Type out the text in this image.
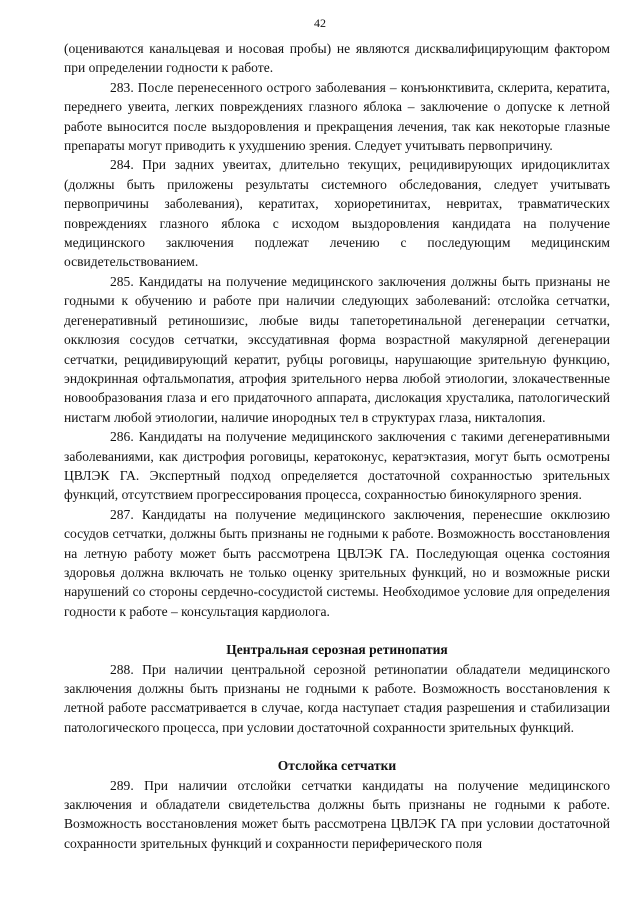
42

(оцениваются канальцевая и носовая пробы) не являются дисквалифицирующим фактором при определении годности к работе.

283. После перенесенного острого заболевания – конъюнктивита, склерита, кератита, переднего увеита, легких повреждениях глазного яблока – заключение о допуске к летной работе выносится после выздоровления и прекращения лечения, так как некоторые глазные препараты могут приводить к ухудшению зрения. Следует учитывать первопричину.

284. При задних увеитах, длительно текущих, рецидивирующих иридоциклитах (должны быть приложены результаты системного обследования, следует учитывать первопричины заболевания), кератитах, хориоретинитах, невритах, травматических повреждениях глазного яблока с исходом выздоровления кандидата на получение медицинского заключения подлежат лечению с последующим медицинским освидетельствованием.

285. Кандидаты на получение медицинского заключения должны быть признаны не годными к обучению и работе при наличии следующих заболеваний: отслойка сетчатки, дегенеративный ретиношизис, любые виды тапеторетинальной дегенерации сетчатки, окклюзия сосудов сетчатки, экссудативная форма возрастной макулярной дегенерации сетчатки, рецидивирующий кератит, рубцы роговицы, нарушающие зрительную функцию, эндокринная офтальмопатия, атрофия зрительного нерва любой этиологии, злокачественные новообразования глаза и его придаточного аппарата, дислокация хрусталика, патологический нистагм любой этиологии, наличие инородных тел в структурах глаза, никталопия.

286. Кандидаты на получение медицинского заключения с такими дегенеративными заболеваниями, как дистрофия роговицы, кератоконус, кератэктазия, могут быть осмотрены ЦВЛЭК ГА. Экспертный подход определяется достаточной сохранностью зрительных функций, отсутствием прогрессирования процесса, сохранностью бинокулярного зрения.

287. Кандидаты на получение медицинского заключения, перенесшие окклюзию сосудов сетчатки, должны быть признаны не годными к работе. Возможность восстановления на летную работу может быть рассмотрена ЦВЛЭК ГА. Последующая оценка состояния здоровья должна включать не только оценку зрительных функций, но и возможные риски нарушений со стороны сердечно-сосудистой системы. Необходимое условие для определения годности к работе – консультация кардиолога.

Центральная серозная ретинопатия

288. При наличии центральной серозной ретинопатии обладатели медицинского заключения должны быть признаны не годными к работе. Возможность восстановления к летной работе рассматривается в случае, когда наступает стадия разрешения и стабилизации патологического процесса, при условии достаточной сохранности зрительных функций.

Отслойка сетчатки

289. При наличии отслойки сетчатки кандидаты на получение медицинского заключения и обладатели свидетельства должны быть признаны не годными к работе. Возможность восстановления может быть рассмотрена ЦВЛЭК ГА при условии достаточной сохранности зрительных функций и сохранности периферического поля
